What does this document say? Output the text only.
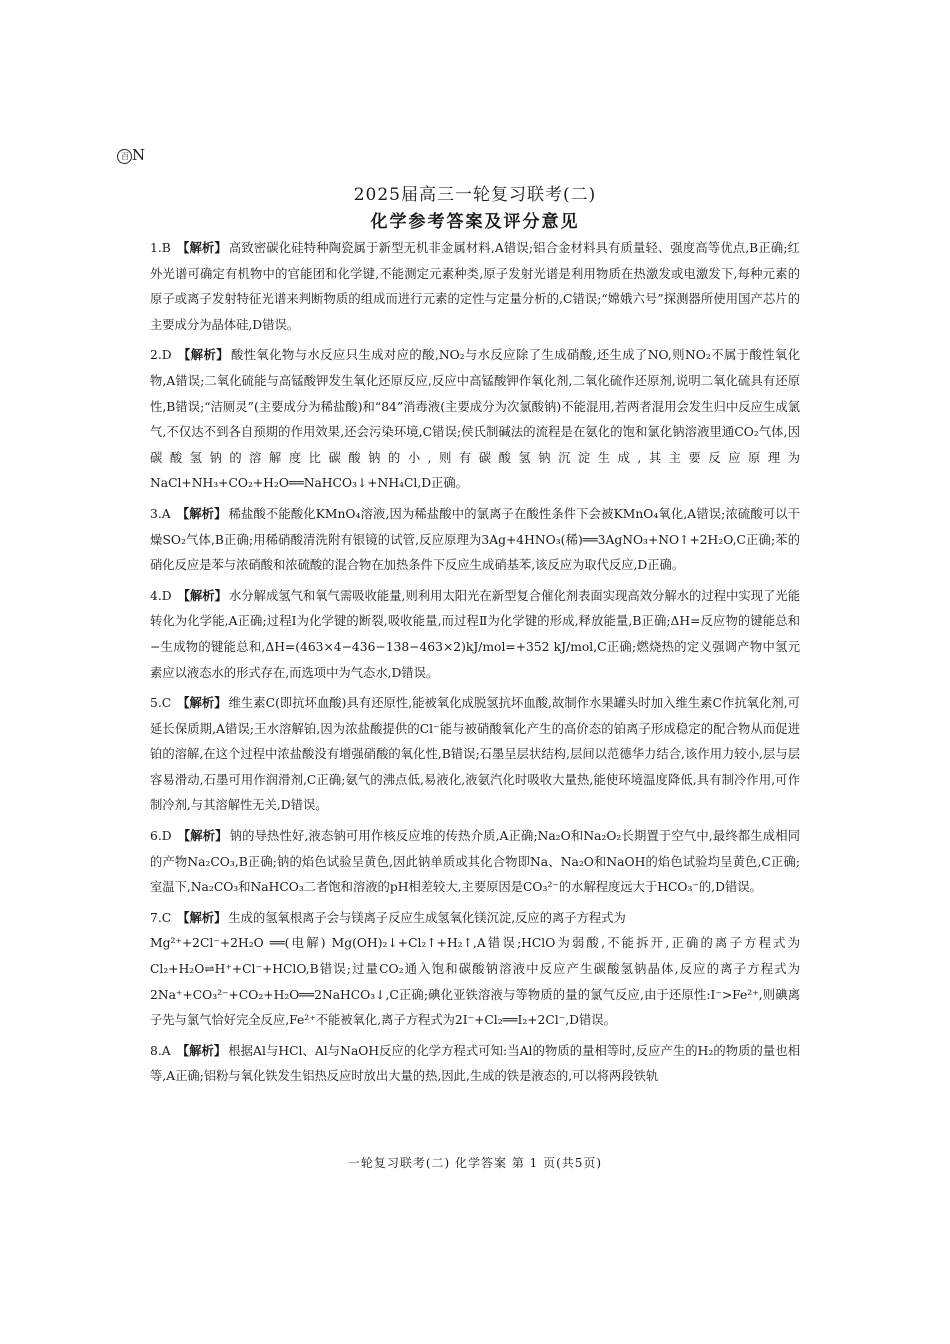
百 N
2025届高三一轮复习联考(二)
化学参考答案及评分意见

1.B 【解析】 高致密碳化硅特种陶瓷属于新型无机非金属材料,A错误;铝合金材料具有质量轻、强度高等优点,B正确;红外光谱可确定有机物中的官能团和化学键,不能测定元素种类,原子发射光谱是利用物质在热激发或电激发下,每种元素的原子或离子发射特征光谱来判断物质的组成而进行元素的定性与定量分析的,C错误;“嫦娥六号”探测器所使用国产芯片的主要成分为晶体硅,D错误。

2.D 【解析】 酸性氧化物与水反应只生成对应的酸,NO₂与水反应除了生成硝酸,还生成了NO,则NO₂不属于酸性氧化物,A错误;二氧化硫能与高锰酸钾发生氧化还原反应,反应中高锰酸钾作氧化剂,二氧化硫作还原剂,说明二氧化硫具有还原性,B错误;“洁厕灵”(主要成分为稀盐酸)和“84”消毒液(主要成分为次氯酸钠)不能混用,若两者混用会发生归中反应生成氯气,不仅达不到各自预期的作用效果,还会污染环境,C错误;侯氏制碱法的流程是在氨化的饱和氯化钠溶液里通CO₂气体,因碳酸氢钠的溶解度比碳酸钠的小,则有碳酸氢钠沉淀生成,其主要反应原理为NaCl+NH₃+CO₂+H₂O══NaHCO₃↓+NH₄Cl,D正确。

3.A 【解析】 稀盐酸不能酸化KMnO₄溶液,因为稀盐酸中的氯离子在酸性条件下会被KMnO₄氧化,A错误;浓硫酸可以干燥SO₂气体,B正确;用稀硝酸清洗附有银镜的试管,反应原理为3Ag+4HNO₃(稀)══3AgNO₃+NO↑+2H₂O,C正确;苯的硝化反应是苯与浓硝酸和浓硫酸的混合物在加热条件下反应生成硝基苯,该反应为取代反应,D正确。

4.D 【解析】 水分解成氢气和氧气需吸收能量,则利用太阳光在新型复合催化剂表面实现高效分解水的过程中实现了光能转化为化学能,A正确;过程Ⅰ为化学键的断裂,吸收能量,而过程Ⅱ为化学键的形成,释放能量,B正确;ΔH=反应物的键能总和−生成物的键能总和,ΔH=(463×4−436−138−463×2)kJ/mol=+352 kJ/mol,C正确;燃烧热的定义强调产物中氢元素应以液态水的形式存在,而选项中为气态水,D错误。

5.C 【解析】 维生素C(即抗坏血酸)具有还原性,能被氧化成脱氢抗坏血酸,故制作水果罐头时加入维生素C作抗氧化剂,可延长保质期,A错误;王水溶解铂,因为浓盐酸提供的Cl⁻能与被硝酸氧化产生的高价态的铂离子形成稳定的配合物从而促进铂的溶解,在这个过程中浓盐酸没有增强硝酸的氧化性,B错误;石墨呈层状结构,层间以范德华力结合,该作用力较小,层与层容易滑动,石墨可用作润滑剂,C正确;氨气的沸点低,易液化,液氨汽化时吸收大量热,能使环境温度降低,具有制冷作用,可作制冷剂,与其溶解性无关,D错误。

6.D 【解析】 钠的导热性好,液态钠可用作核反应堆的传热介质,A正确;Na₂O和Na₂O₂长期置于空气中,最终都生成相同的产物Na₂CO₃,B正确;钠的焰色试验呈黄色,因此钠单质或其化合物即Na、Na₂O和NaOH的焰色试验均呈黄色,C正确;室温下,Na₂CO₃和NaHCO₃二者饱和溶液的pH相差较大,主要原因是CO₃²⁻的水解程度远大于HCO₃⁻的,D错误。

7.C 【解析】 生成的氢氧根离子会与镁离子反应生成氢氧化镁沉淀,反应的离子方程式为
Mg²⁺+2Cl⁻+2H₂O ══(电解) Mg(OH)₂↓+Cl₂↑+H₂↑,A错误;HClO为弱酸,不能拆开,正确的离子方程式为Cl₂+H₂O⇌H⁺+Cl⁻+HClO,B错误;过量CO₂通入饱和碳酸钠溶液中反应产生碳酸氢钠晶体,反应的离子方程式为2Na⁺+CO₃²⁻+CO₂+H₂O══2NaHCO₃↓,C正确;碘化亚铁溶液与等物质的量的氯气反应,由于还原性:I⁻>Fe²⁺,则碘离子先与氯气恰好完全反应,Fe²⁺不能被氧化,离子方程式为2I⁻+Cl₂══I₂+2Cl⁻,D错误。

8.A 【解析】 根据Al与HCl、Al与NaOH反应的化学方程式可知:当Al的物质的量相等时,反应产生的H₂的物质的量也相等,A正确;铝粉与氧化铁发生铝热反应时放出大量的热,因此,生成的铁是液态的,可以将两段铁轨

一轮复习联考(二) 化学答案 第 1 页(共5页)
